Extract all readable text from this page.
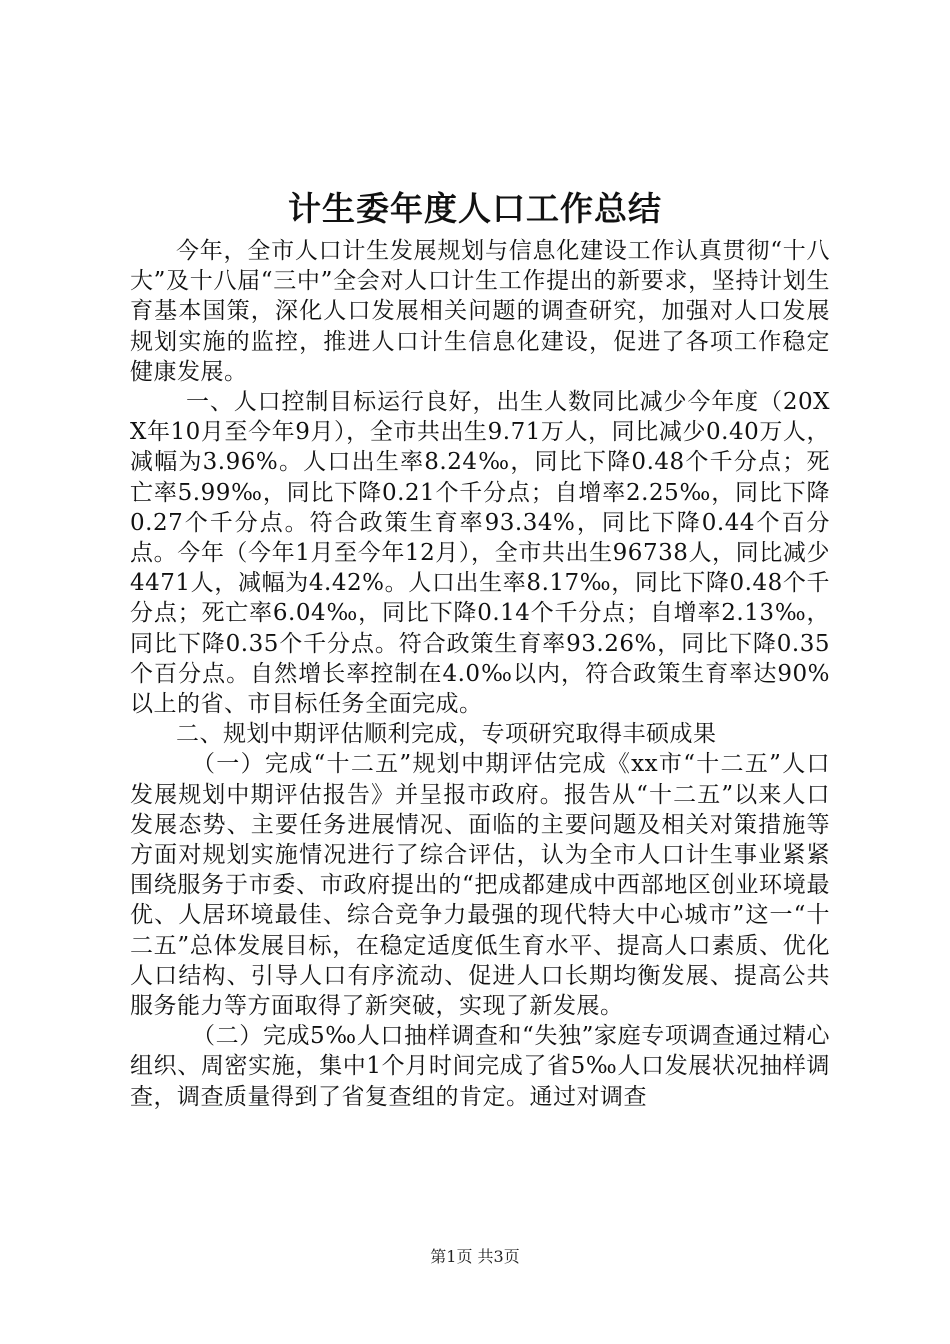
计生委年度人口工作总结

今年，全市人口计生发展规划与信息化建设工作认真贯彻“十八大”及十八届“三中”全会对人口计生工作提出的新要求，坚持计划生育基本国策，深化人口发展相关问题的调查研究，加强对人口发展规划实施的监控，推进人口计生信息化建设，促进了各项工作稳定健康发展。

一、人口控制目标运行良好，出生人数同比减少今年度（20XX年10月至今年9月），全市共出生9.71万人，同比减少0.40万人，减幅为3.96%。人口出生率8.24‰，同比下降0.48个千分点；死亡率5.99‰，同比下降0.21个千分点；自增率2.25‰，同比下降0.27个千分点。符合政策生育率93.34%，同比下降0.44个百分点。今年（今年1月至今年12月），全市共出生96738人，同比减少4471人，减幅为4.42%。人口出生率8.17‰，同比下降0.48个千分点；死亡率6.04‰，同比下降0.14个千分点；自增率2.13‰，同比下降0.35个千分点。符合政策生育率93.26%，同比下降0.35个百分点。自然增长率控制在4.0‰以内，符合政策生育率达90%以上的省、市目标任务全面完成。

二、规划中期评估顺利完成，专项研究取得丰硕成果

（一）完成“十二五”规划中期评估完成《xx市“十二五”人口发展规划中期评估报告》并呈报市政府。报告从“十二五”以来人口发展态势、主要任务进展情况、面临的主要问题及相关对策措施等方面对规划实施情况进行了综合评估，认为全市人口计生事业紧紧围绕服务于市委、市政府提出的“把成都建成中西部地区创业环境最优、人居环境最佳、综合竞争力最强的现代特大中心城市”这一“十二五”总体发展目标，在稳定适度低生育水平、提高人口素质、优化人口结构、引导人口有序流动、促进人口长期均衡发展、提高公共服务能力等方面取得了新突破，实现了新发展。

（二）完成5‰人口抽样调查和“失独”家庭专项调查通过精心组织、周密实施，集中1个月时间完成了省5‰人口发展状况抽样调查，调查质量得到了省复查组的肯定。通过对调查

第1页 共3页
